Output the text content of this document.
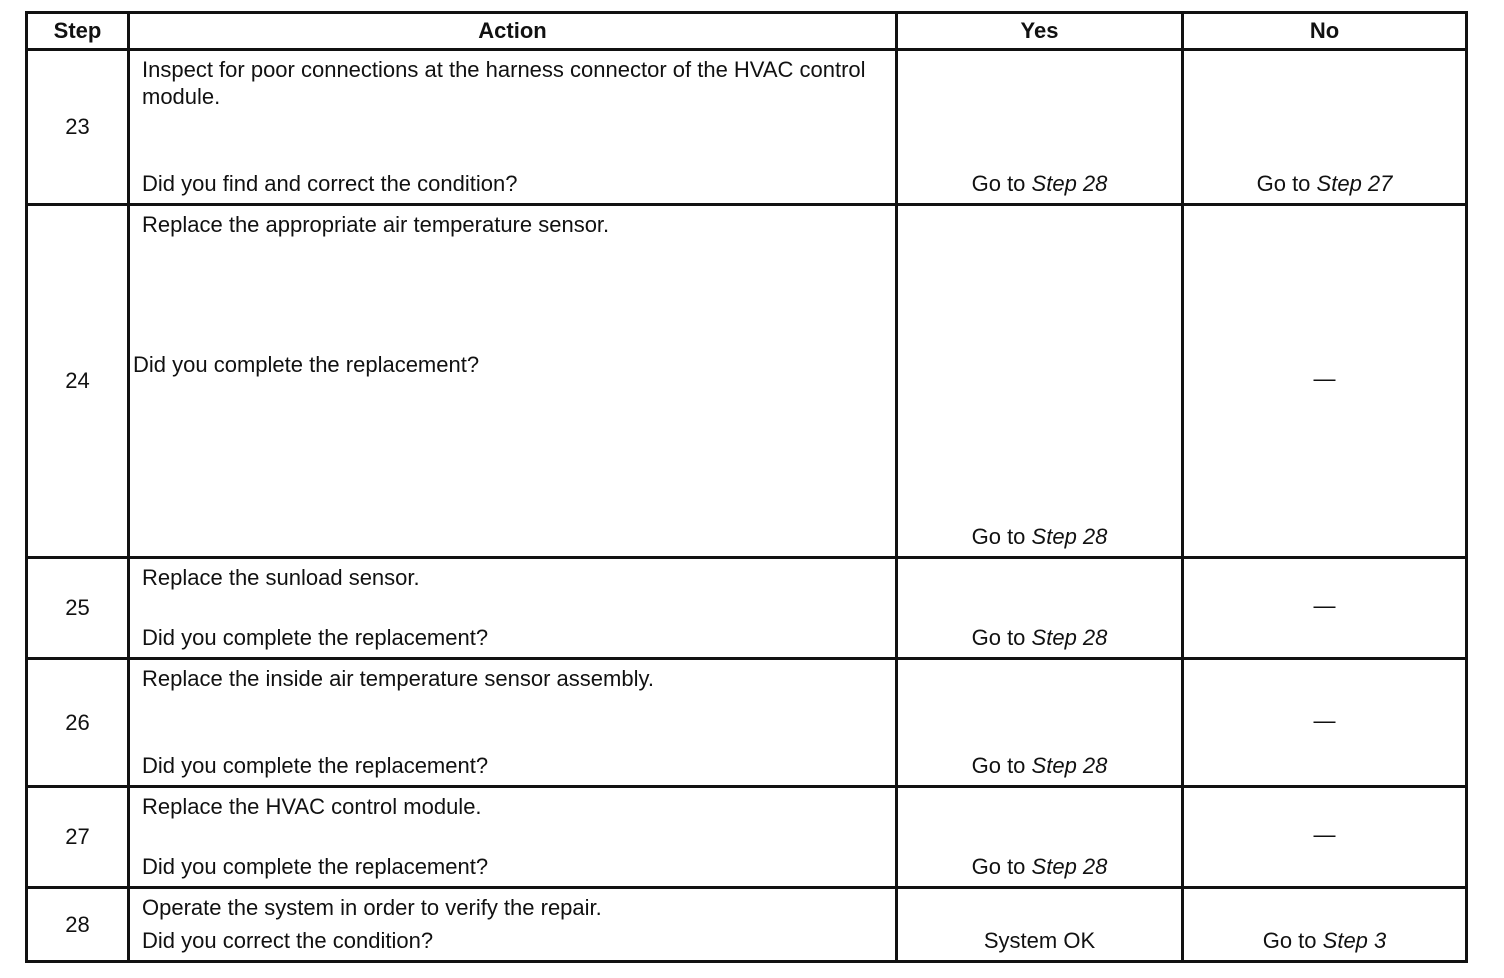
Step	Action	Yes	No
23	Inspect for poor connections at the harness connector of the HVAC control module.
Did you find and correct the condition?	Go to Step 28	Go to Step 27

24	Replace the appropriate air temperature sensor.
Did you complete the replacement?	Go to Step 28	—

25	Replace the sunload sensor.
Did you complete the replacement?	Go to Step 28	—

26	Replace the inside air temperature sensor assembly.
Did you complete the replacement?	Go to Step 28	—

27	Replace the HVAC control module.
Did you complete the replacement?	Go to Step 28	—

28	Operate the system in order to verify the repair.
Did you correct the condition?	System OK	Go to Step 3
